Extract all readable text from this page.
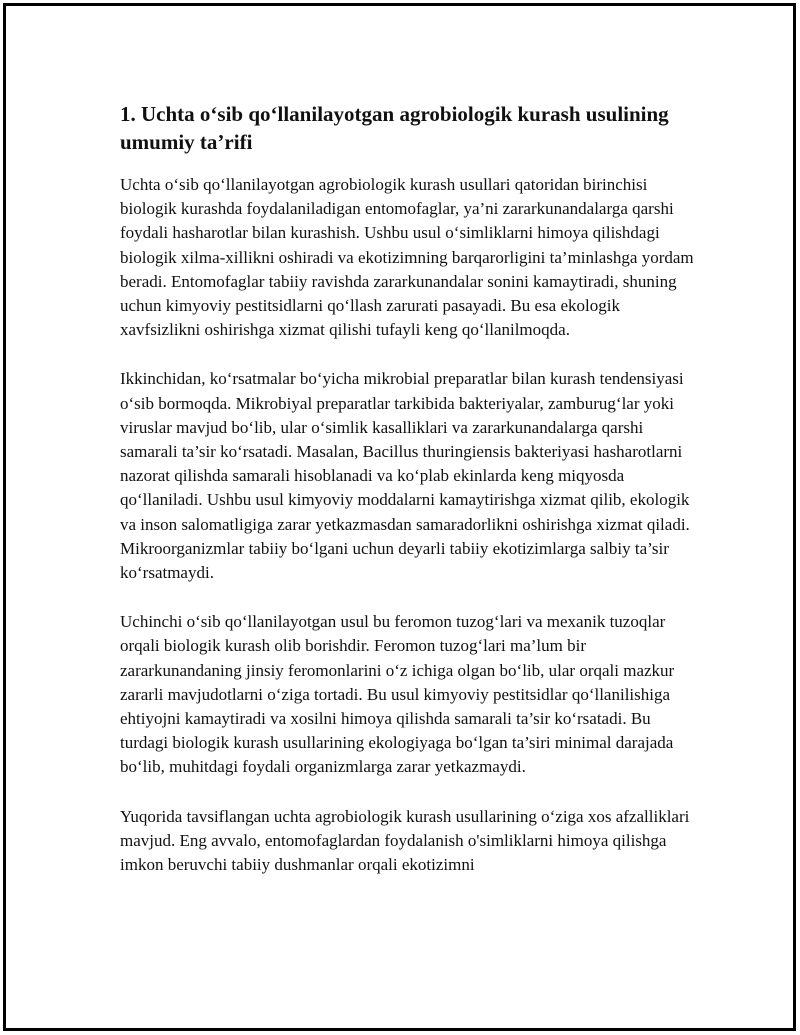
1. Uchta o‘sib qo‘llanilayotgan agrobiologik kurash usulining umumiy ta’rifi

Uchta o‘sib qo‘llanilayotgan agrobiologik kurash usullari qatoridan birinchisi biologik kurashda foydalaniladigan entomofaglar, ya’ni zararkunandalarga qarshi foydali hasharotlar bilan kurashish. Ushbu usul o‘simliklarni himoya qilishdagi biologik xilma-xillikni oshiradi va ekotizimning barqarorligini ta’minlashga yordam beradi. Entomofaglar tabiiy ravishda zararkunandalar sonini kamaytiradi, shuning uchun kimyoviy pestitsidlarni qo‘llash zarurati pasayadi. Bu esa ekologik xavfsizlikni oshirishga xizmat qilishi tufayli keng qo‘llanilmoqda.

Ikkinchidan, ko‘rsatmalar bo‘yicha mikrobial preparatlar bilan kurash tendensiyasi o‘sib bormoqda. Mikrobiyal preparatlar tarkibida bakteriyalar, zamburug‘lar yoki viruslar mavjud bo‘lib, ular o‘simlik kasalliklari va zararkunandalarga qarshi samarali ta’sir ko‘rsatadi. Masalan, Bacillus thuringiensis bakteriyasi hasharotlarni nazorat qilishda samarali hisoblanadi va ko‘plab ekinlarda keng miqyosda qo‘llaniladi. Ushbu usul kimyoviy moddalarni kamaytirishga xizmat qilib, ekologik va inson salomatligiga zarar yetkazmasdan samaradorlikni oshirishga xizmat qiladi. Mikroorganizmlar tabiiy bo‘lgani uchun deyarli tabiiy ekotizimlarga salbiy ta’sir ko‘rsatmaydi.

Uchinchi o‘sib qo‘llanilayotgan usul bu feromon tuzog‘lari va mexanik tuzoqlar orqali biologik kurash olib borishdir. Feromon tuzog‘lari ma’lum bir zararkunandaning jinsiy feromonlarini o‘z ichiga olgan bo‘lib, ular orqali mazkur zararli mavjudotlarni o‘ziga tortadi. Bu usul kimyoviy pestitsidlar qo‘llanilishiga ehtiyojni kamaytiradi va xosilni himoya qilishda samarali ta’sir ko‘rsatadi. Bu turdagi biologik kurash usullarining ekologiyaga bo‘lgan ta’siri minimal darajada bo‘lib, muhitdagi foydali organizmlarga zarar yetkazmaydi.

Yuqorida tavsiflangan uchta agrobiologik kurash usullarining o‘ziga xos afzalliklari mavjud. Eng avvalo, entomofaglardan foydalanish o'simliklarni himoya qilishga imkon beruvchi tabiiy dushmanlar orqali ekotizimni
